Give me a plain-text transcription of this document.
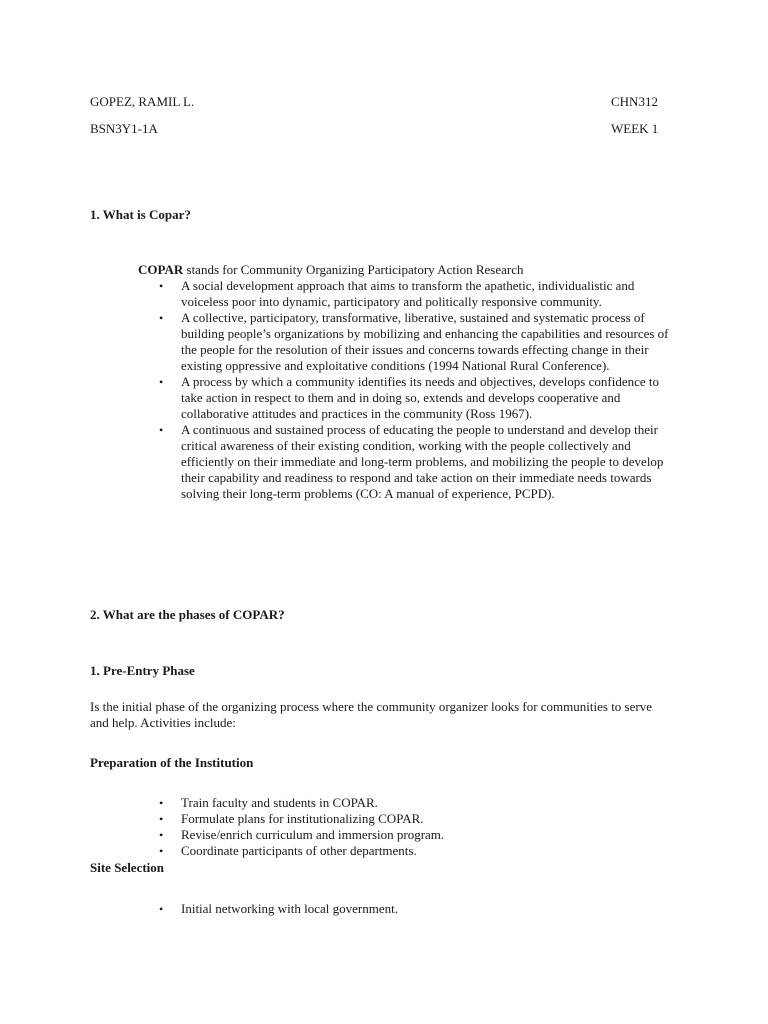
GOPEZ, RAMIL L.	CHN312
BSN3Y1-1A	WEEK 1
1. What is Copar?
COPAR stands for Community Organizing Participatory Action Research
• A social development approach that aims to transform the apathetic, individualistic and voiceless poor into dynamic, participatory and politically responsive community.
• A collective, participatory, transformative, liberative, sustained and systematic process of building people’s organizations by mobilizing and enhancing the capabilities and resources of the people for the resolution of their issues and concerns towards effecting change in their existing oppressive and exploitative conditions (1994 National Rural Conference).
• A process by which a community identifies its needs and objectives, develops confidence to take action in respect to them and in doing so, extends and develops cooperative and collaborative attitudes and practices in the community (Ross 1967).
• A continuous and sustained process of educating the people to understand and develop their critical awareness of their existing condition, working with the people collectively and efficiently on their immediate and long-term problems, and mobilizing the people to develop their capability and readiness to respond and take action on their immediate needs towards solving their long-term problems (CO: A manual of experience, PCPD).
2. What are the phases of COPAR?
1. Pre-Entry Phase
Is the initial phase of the organizing process where the community organizer looks for communities to serve and help. Activities include:
Preparation of the Institution
• Train faculty and students in COPAR.
• Formulate plans for institutionalizing COPAR.
• Revise/enrich curriculum and immersion program.
• Coordinate participants of other departments.
Site Selection
• Initial networking with local government.
